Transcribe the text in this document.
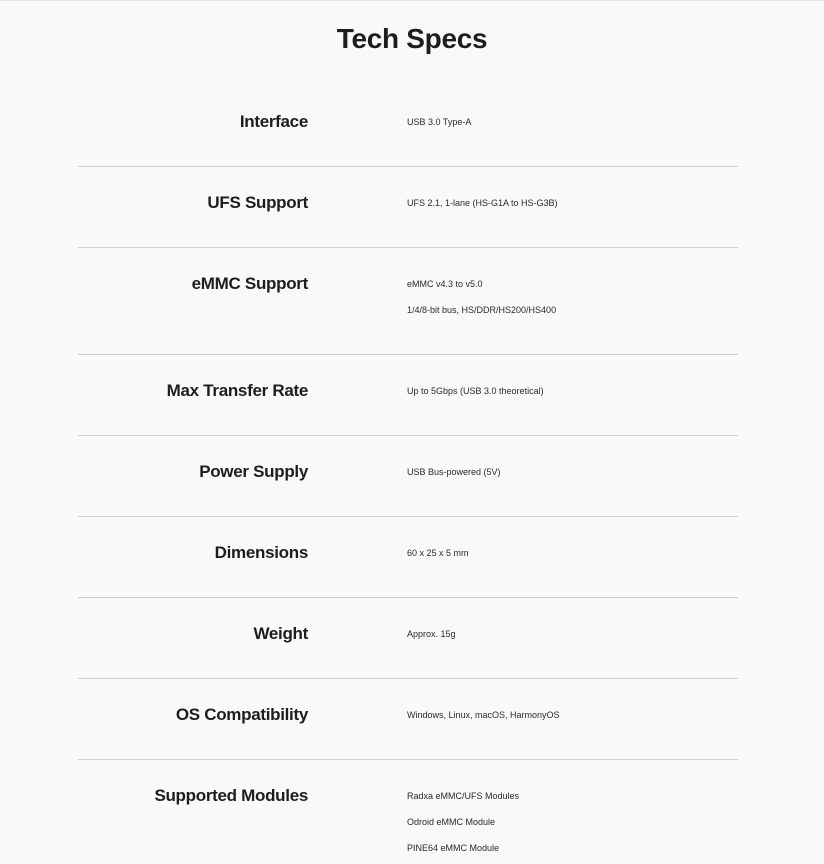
Tech Specs
Interface	USB 3.0 Type-A
UFS Support	UFS 2.1, 1-lane (HS-G1A to HS-G3B)
eMMC Support	eMMC v4.3 to v5.0
1/4/8-bit bus, HS/DDR/HS200/HS400
Max Transfer Rate	Up to 5Gbps (USB 3.0 theoretical)
Power Supply	USB Bus-powered (5V)
Dimensions	60 x 25 x 5 mm
Weight	Approx. 15g
OS Compatibility	Windows, Linux, macOS, HarmonyOS
Supported Modules	Radxa eMMC/UFS Modules
Odroid eMMC Module
PINE64 eMMC Module
